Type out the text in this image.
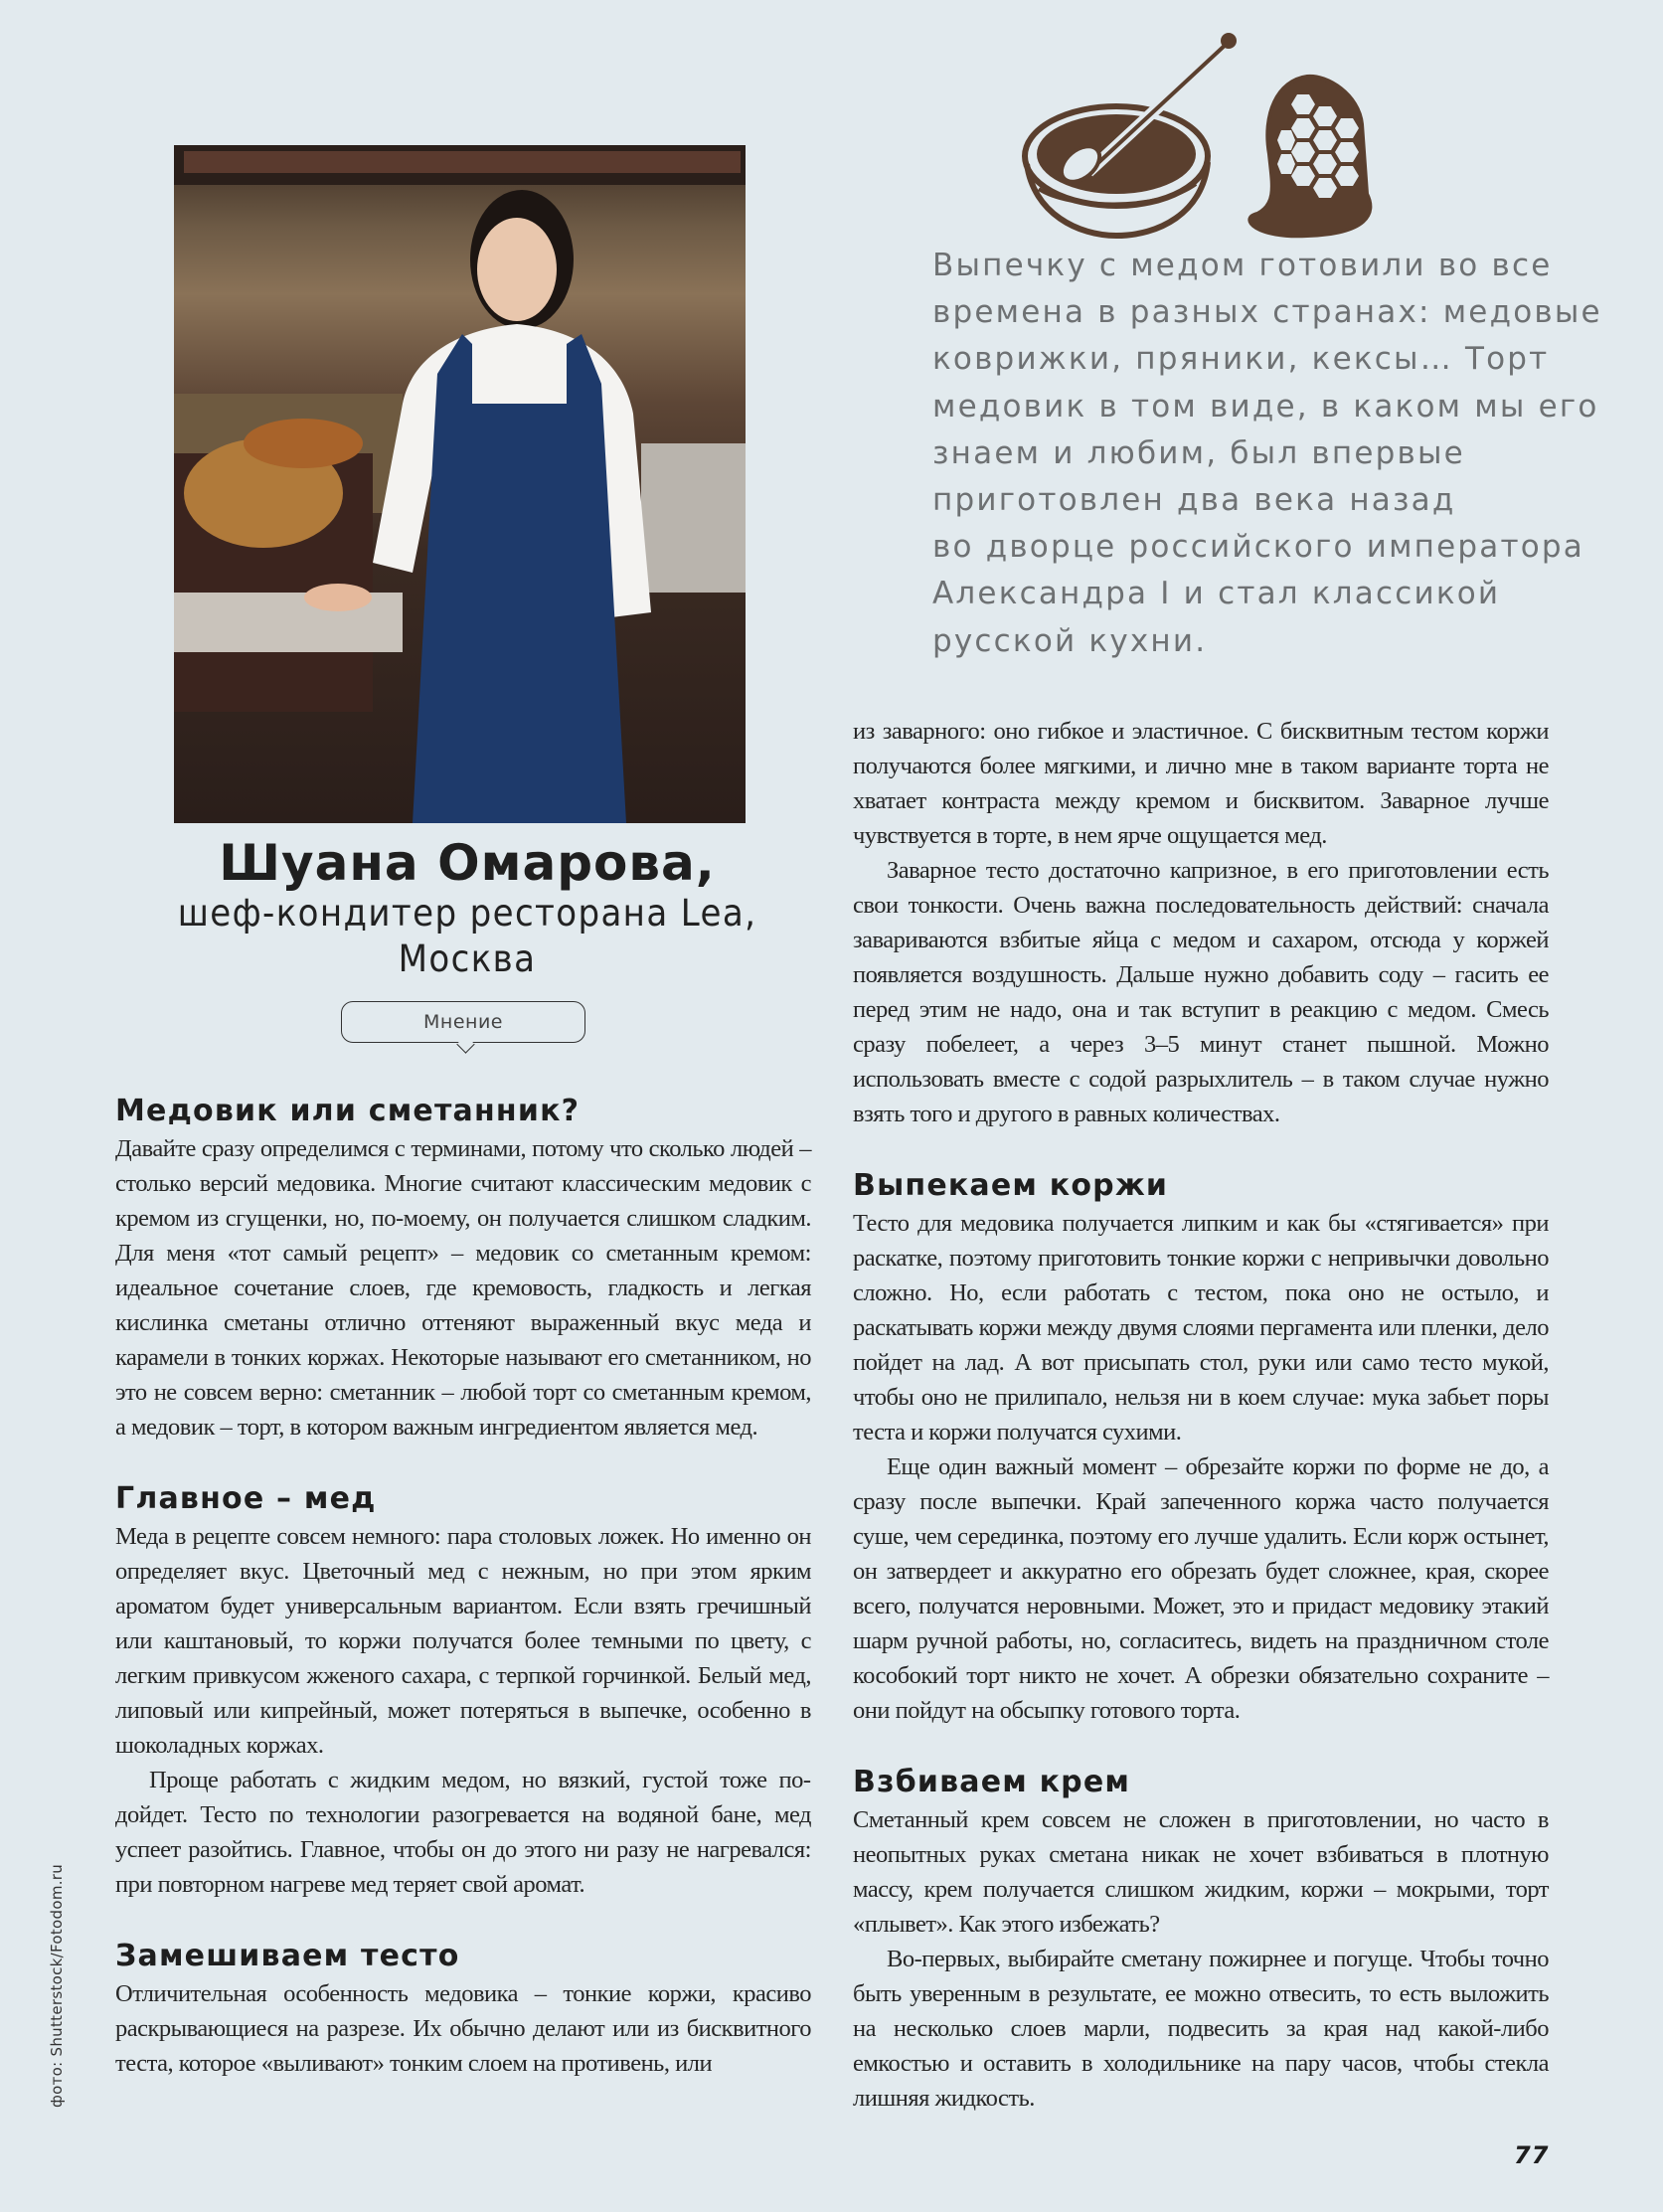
Шуана Омарова,
шеф-кондитер ресторана Lea,
Москва
Мнение
Выпечку с медом готовили во все
времена в разных странах: медовые
коврижки, пряники, кексы… Торт
медовик в том виде, в каком мы его
знаем и любим, был впервые
приготовлен два века назад
во дворце российского императора
Александра I и стал классикой
русской кухни.
Медовик или сметанник?

Давайте сразу определимся с терминами, потому что сколько людей – столько версий медовика. Многие считают классическим медовик с кремом из сгущенки, но, по-моему, он получается слишком сладким. Для меня «тот самый рецепт» – медовик со сметанным кремом: идеальное сочетание слоев, где кремовость, гладкость и легкая кислинка сметаны отлично оттеняют выраженный вкус меда и карамели в тонких коржах. Некоторые называют его сметанником, но это не совсем верно: сметанник – любой торт со сметанным кремом, а медовик – торт, в котором важным ингредиентом является мед.

Главное – мед

Меда в рецепте совсем немного: пара столовых ложек. Но именно он определяет вкус. Цветочный мед с нежным, но при этом ярким ароматом будет универсальным вариантом. Если взять гречишный или каштановый, то коржи получатся более темными по цвету, с легким привкусом жженого сахара, с терпкой горчинкой. Белый мед, липовый или кипрейный, может потеряться в выпечке, особенно в шоколадных коржах.

Проще работать с жидким медом, но вязкий, густой тоже подойдет. Тесто по технологии разогревается на водяной бане, мед успеет разойтись. Главное, чтобы он до этого ни разу не нагревался: при повторном нагреве мед теряет свой аромат.

Замешиваем тесто

Отличительная особенность медовика – тонкие коржи, красиво раскрывающиеся на разрезе. Их обычно делают или из бисквитного теста, которое «выливают» тонким слоем на противень, или

из заварного: оно гибкое и эластичное. С бисквитным тестом коржи получаются более мягкими, и лично мне в таком варианте торта не хватает контраста между кремом и бисквитом. Заварное лучше чувствуется в торте, в нем ярче ощущается мед.

Заварное тесто достаточно капризное, в его приготовлении есть свои тонкости. Очень важна последовательность действий: сначала завариваются взбитые яйца с медом и сахаром, отсюда у коржей появляется воздушность. Дальше нужно добавить соду – гасить ее перед этим не надо, она и так вступит в реакцию с медом. Смесь сразу побелеет, а через 3–5 минут станет пышной. Можно использовать вместе с содой разрыхлитель – в таком случае нужно взять того и другого в равных количествах.

Выпекаем коржи

Тесто для медовика получается липким и как бы «стягивается» при раскатке, поэтому приготовить тонкие коржи с непривычки довольно сложно. Но, если работать с тестом, пока оно не остыло, и раскатывать коржи между двумя слоями пергамента или пленки, дело пойдет на лад. А вот присыпать стол, руки или само тесто мукой, чтобы оно не прилипало, нельзя ни в коем случае: мука забьет поры теста и коржи получатся сухими.

Еще один важный момент – обрезайте коржи по форме не до, а сразу после выпечки. Край запеченного коржа часто получается суше, чем серединка, поэтому его лучше удалить. Если корж остынет, он затвердеет и аккуратно его обрезать будет сложнее, края, скорее всего, получатся неровными. Может, это и придаст медовику этакий шарм ручной работы, но, согласитесь, видеть на праздничном столе кособокий торт никто не хочет. А обрезки обязательно сохраните – они пойдут на обсыпку готового торта.

Взбиваем крем

Сметанный крем совсем не сложен в приготовлении, но часто в неопытных руках сметана никак не хочет взбиваться в плотную массу, крем получается слишком жидким, коржи – мокрыми, торт «плывет». Как этого избежать?

Во-первых, выбирайте сметану пожирнее и погуще. Чтобы точно быть уверенным в результате, ее можно отвесить, то есть выложить на несколько слоев марли, подвесить за края над какой-либо емкостью и оставить в холодильнике на пару часов, чтобы стекла лишняя жидкость.

фото: Shutterstock/Fotodom.ru
77
